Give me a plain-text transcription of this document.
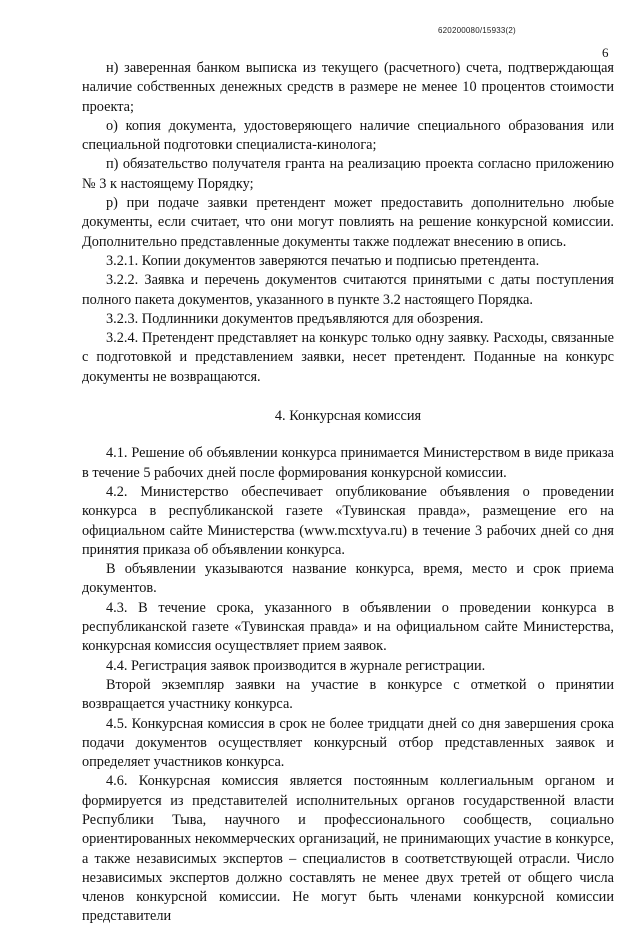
620200080/15933(2)
6

н) заверенная банком выписка из текущего (расчетного) счета, подтверждающая наличие собственных денежных средств в размере не менее 10 процентов стоимости проекта;

о) копия документа, удостоверяющего наличие специального образования или специальной подготовки специалиста-кинолога;

п) обязательство получателя гранта на реализацию проекта согласно приложению № 3 к настоящему Порядку;

р) при подаче заявки претендент может предоставить дополнительно любые документы, если считает, что они могут повлиять на решение конкурсной комиссии. Дополнительно представленные документы также подлежат внесению в опись.

3.2.1. Копии документов заверяются печатью и подписью претендента.

3.2.2. Заявка и перечень документов считаются принятыми с даты поступления полного пакета документов, указанного в пункте 3.2 настоящего Порядка.

3.2.3. Подлинники документов предъявляются для обозрения.

3.2.4. Претендент представляет на конкурс только одну заявку. Расходы, связанные с подготовкой и представлением заявки, несет претендент. Поданные на конкурс документы не возвращаются.

4. Конкурсная комиссия

4.1. Решение об объявлении конкурса принимается Министерством в виде приказа в течение 5 рабочих дней после формирования конкурсной комиссии.

4.2. Министерство обеспечивает опубликование объявления о проведении конкурса в республиканской газете «Тувинская правда», размещение его на официальном сайте Министерства (www.mcxtyva.ru) в течение 3 рабочих дней со дня принятия приказа об объявлении конкурса.

В объявлении указываются название конкурса, время, место и срок приема документов.

4.3. В течение срока, указанного в объявлении о проведении конкурса в республиканской газете «Тувинская правда» и на официальном сайте Министерства, конкурсная комиссия осуществляет прием заявок.

4.4. Регистрация заявок производится в журнале регистрации.

Второй экземпляр заявки на участие в конкурсе с отметкой о принятии возвращается участнику конкурса.

4.5. Конкурсная комиссия в срок не более тридцати дней со дня завершения срока подачи документов осуществляет конкурсный отбор представленных заявок и определяет участников конкурса.

4.6. Конкурсная комиссия является постоянным коллегиальным органом и формируется из представителей исполнительных органов государственной власти Республики Тыва, научного и профессионального сообществ, социально ориентированных некоммерческих организаций, не принимающих участие в конкурсе, а также независимых экспертов – специалистов в соответствующей отрасли. Число независимых экспертов должно составлять не менее двух третей от общего числа членов конкурсной комиссии. Не могут быть членами конкурсной комиссии представители
